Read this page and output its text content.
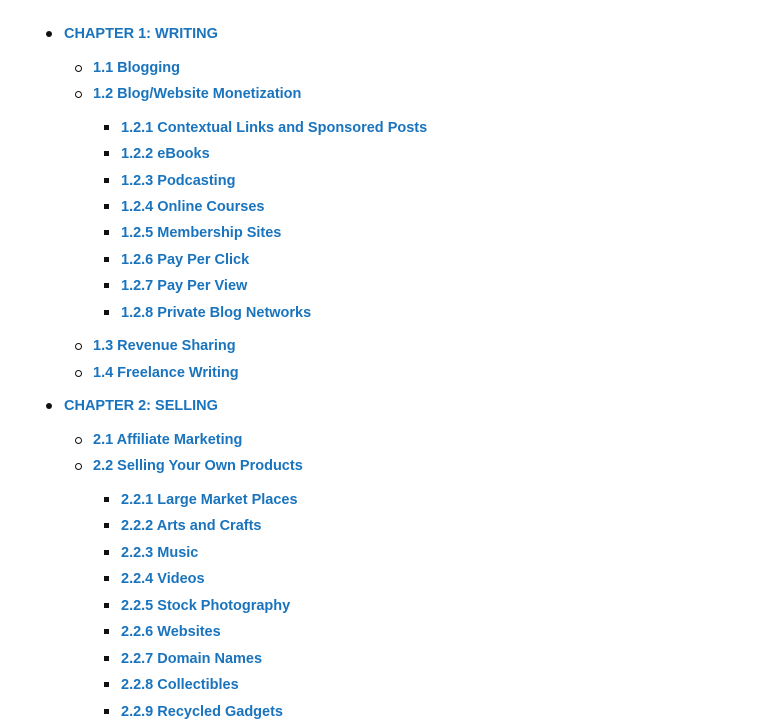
CHAPTER 1: WRITING
1.1 Blogging
1.2 Blog/Website Monetization
1.2.1 Contextual Links and Sponsored Posts
1.2.2 eBooks
1.2.3 Podcasting
1.2.4 Online Courses
1.2.5 Membership Sites
1.2.6 Pay Per Click
1.2.7 Pay Per View
1.2.8 Private Blog Networks
1.3 Revenue Sharing
1.4 Freelance Writing
CHAPTER 2: SELLING
2.1 Affiliate Marketing
2.2 Selling Your Own Products
2.2.1 Large Market Places
2.2.2 Arts and Crafts
2.2.3 Music
2.2.4 Videos
2.2.5 Stock Photography
2.2.6 Websites
2.2.7 Domain Names
2.2.8 Collectibles
2.2.9 Recycled Gadgets
